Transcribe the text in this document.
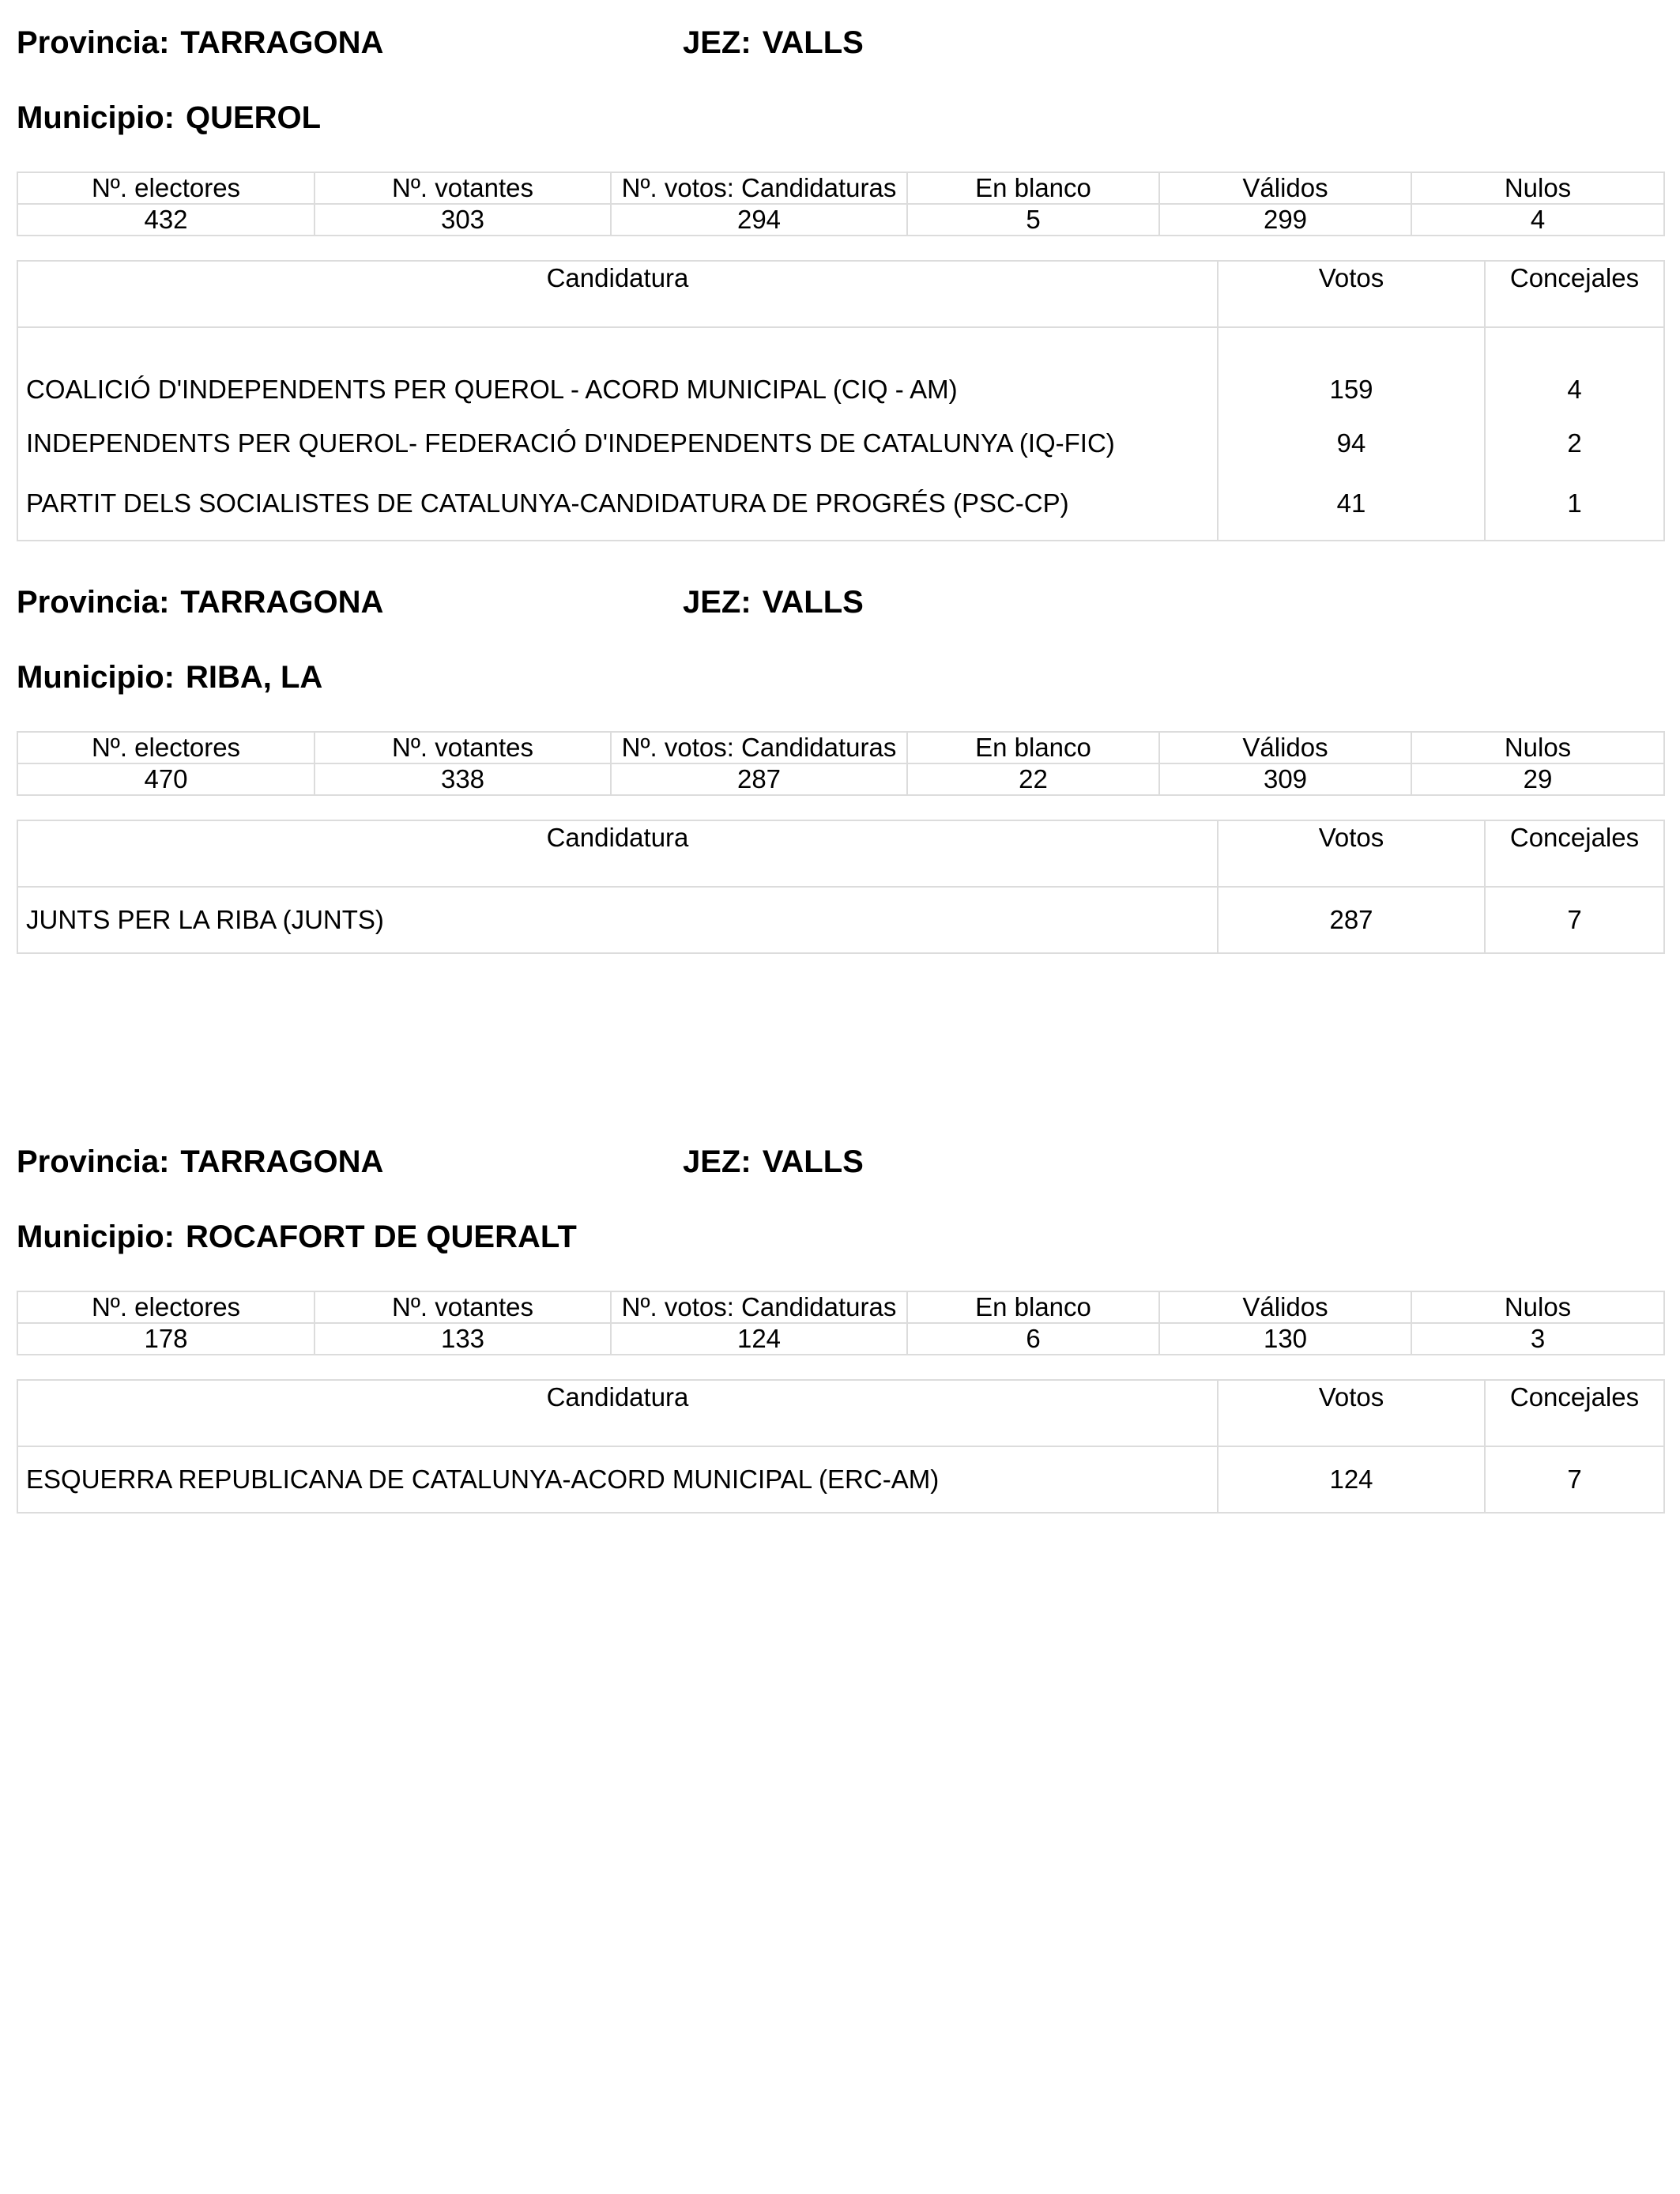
Provincia: TARRAGONA	JEZ: VALLS
Municipio: QUEROL
Nº. electores	Nº. votantes	Nº. votos: Candidaturas	En blanco	Válidos	Nulos
432	303	294	5	299	4
Candidatura	Votos	Concejales
COALICIÓ D'INDEPENDENTS PER QUEROL - ACORD MUNICIPAL (CIQ - AM)	159	4
INDEPENDENTS PER QUEROL- FEDERACIÓ D'INDEPENDENTS DE CATALUNYA (IQ-FIC)	94	2
PARTIT DELS SOCIALISTES DE CATALUNYA-CANDIDATURA DE PROGRÉS (PSC-CP)	41	1
Provincia: TARRAGONA	JEZ: VALLS
Municipio: RIBA, LA
Nº. electores	Nº. votantes	Nº. votos: Candidaturas	En blanco	Válidos	Nulos
470	338	287	22	309	29
Candidatura	Votos	Concejales
JUNTS PER LA RIBA (JUNTS)	287	7
Provincia: TARRAGONA	JEZ: VALLS
Municipio: ROCAFORT DE QUERALT
Nº. electores	Nº. votantes	Nº. votos: Candidaturas	En blanco	Válidos	Nulos
178	133	124	6	130	3
Candidatura	Votos	Concejales
ESQUERRA REPUBLICANA DE CATALUNYA-ACORD MUNICIPAL (ERC-AM)	124	7
